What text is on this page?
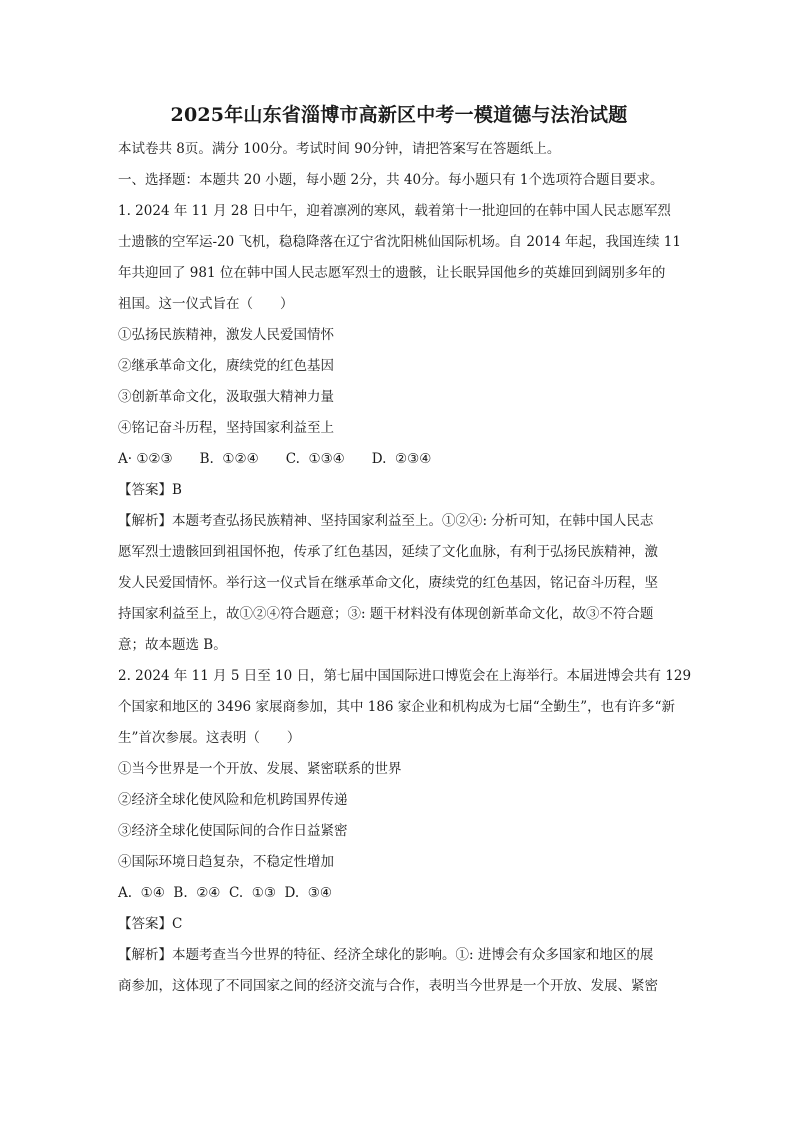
2025年山东省淄博市高新区中考一模道德与法治试题
本试卷共 8页。满分 100分。考试时间 90分钟，请把答案写在答题纸上。
一、选择题：本题共 20 小题，每小题 2分，共 40分。每小题只有 1个选项符合题目要求。
1. 2024 年 11 月 28 日中午，迎着凛冽的寒风，载着第十一批迎回的在韩中国人民志愿军烈
士遗骸的空军运-20 飞机，稳稳降落在辽宁省沈阳桃仙国际机场。自 2014 年起，我国连续 11
年共迎回了 981 位在韩中国人民志愿军烈士的遗骸，让长眠异国他乡的英雄回到阔别多年的
祖国。这一仪式旨在（　　）
①弘扬民族精神，激发人民爱国情怀
②继承革命文化，赓续党的红色基因
③创新革命文化，汲取强大精神力量
④铭记奋斗历程，坚持国家利益至上
A· ①②③　　B.  ①②④　　C.  ①③④　　D.  ②③④
【答案】B
【解析】本题考查弘扬民族精神、坚持国家利益至上。①②④: 分析可知，在韩中国人民志
愿军烈士遗骸回到祖国怀抱，传承了红色基因，延续了文化血脉，有利于弘扬民族精神，激
发人民爱国情怀。举行这一仪式旨在继承革命文化，赓续党的红色基因，铭记奋斗历程，坚
持国家利益至上，故①②④符合题意；③: 题干材料没有体现创新革命文化，故③不符合题
意；故本题选 B。
2. 2024 年 11 月 5 日至 10 日，第七届中国国际进口博览会在上海举行。本届进博会共有 129
个国家和地区的 3496 家展商参加，其中 186 家企业和机构成为七届“全勤生”，也有许多“新
生”首次参展。这表明（　　）
①当今世界是一个开放、发展、紧密联系的世界
②经济全球化使风险和危机跨国界传递
③经济全球化使国际间的合作日益紧密
④国际环境日趋复杂，不稳定性增加
A.  ①④  B.  ②④  C.  ①③  D.  ③④
【答案】C
【解析】本题考查当今世界的特征、经济全球化的影响。①: 进博会有众多国家和地区的展
商参加，这体现了不同国家之间的经济交流与合作，表明当今世界是一个开放、发展、紧密
